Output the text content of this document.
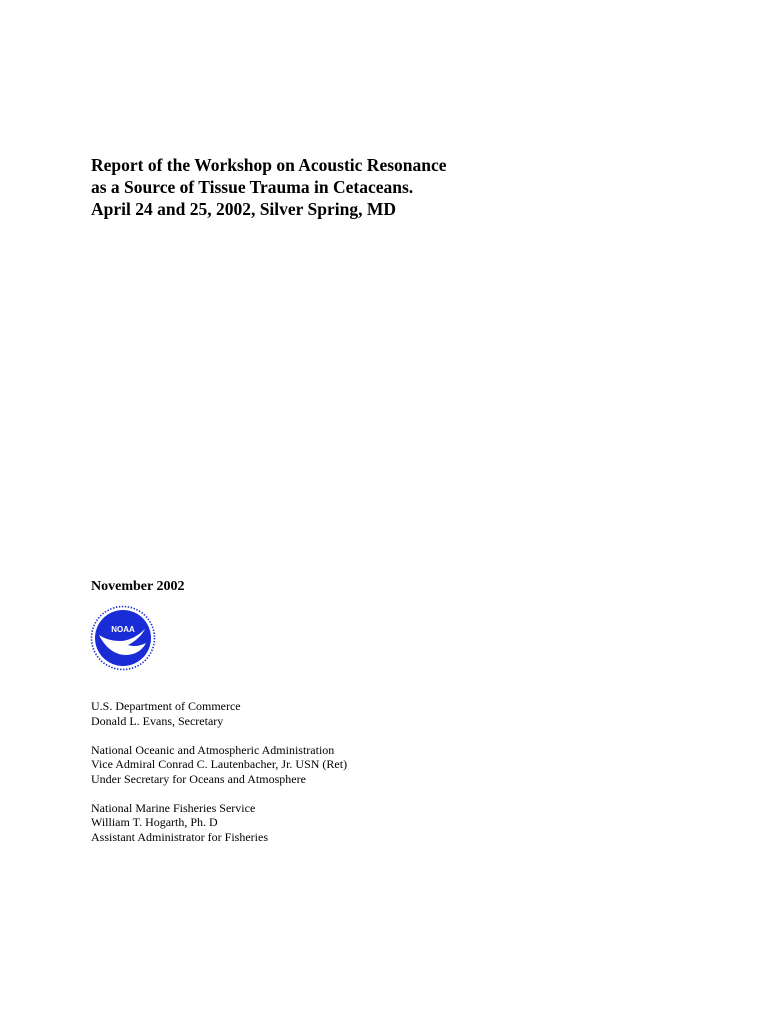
Report of the Workshop on Acoustic Resonance
as a Source of Tissue Trauma in Cetaceans.
April 24 and 25, 2002, Silver Spring, MD
November 2002
NOAA
U.S. Department of Commerce
Donald L. Evans, Secretary
National Oceanic and Atmospheric Administration
Vice Admiral Conrad C. Lautenbacher, Jr. USN (Ret)
Under Secretary for Oceans and Atmosphere
National Marine Fisheries Service
William T. Hogarth, Ph. D
Assistant Administrator for Fisheries
